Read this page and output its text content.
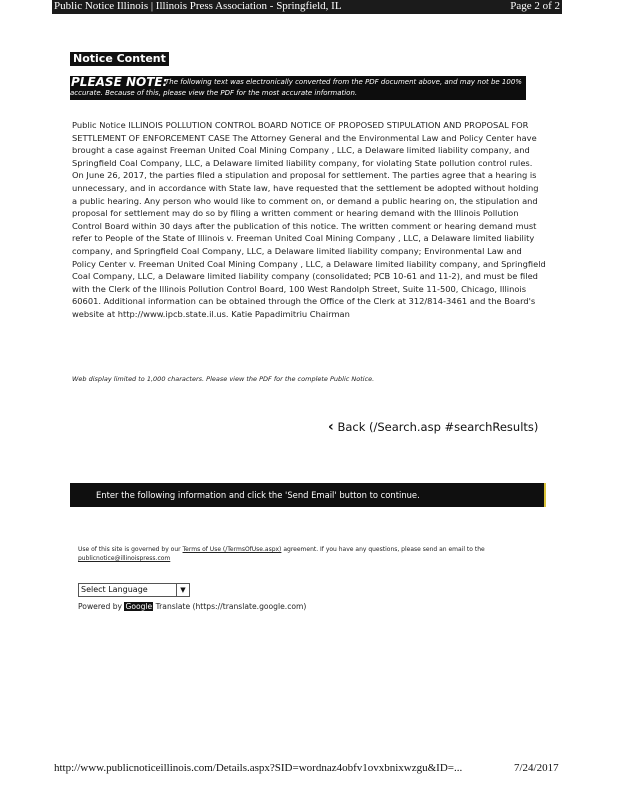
Public Notice Illinois | Illinois Press Association - Springfield, IL	Page 2 of 2
Notice Content
The following text was electronically converted from the PDF document above, and may not be 100% accurate. Because of this, please view the PDF for the most accurate information.
PLEASE NOTE:
Public Notice ILLINOIS POLLUTION CONTROL BOARD NOTICE OF PROPOSED STIPULATION AND PROPOSAL FOR SETTLEMENT OF ENFORCEMENT CASE The Attorney General and the Environmental Law and Policy Center have brought a case against Freeman United Coal Mining Company , LLC, a Delaware limited liability company, and Springfield Coal Company, LLC, a Delaware limited liability company, for violating State pollution control rules. On June 26, 2017, the parties filed a stipulation and proposal for settlement. The parties agree that a hearing is unnecessary, and in accordance with State law, have requested that the settlement be adopted without holding a public hearing. Any person who would like to comment on, or demand a public hearing on, the stipulation and proposal for settlement may do so by filing a written comment or hearing demand with the Illinois Pollution Control Board within 30 days after the publication of this notice. The written comment or hearing demand must refer to People of the State of Illinois v. Freeman United Coal Mining Company , LLC, a Delaware limited liability company, and Springfield Coal Company, LLC, a Delaware limited liability company; Environmental Law and Policy Center v. Freeman United Coal Mining Company , LLC, a Delaware limited liability company, and Springfield Coal Company, LLC, a Delaware limited liability company (consolidated; PCB 10-61 and 11-2), and must be filed with the Clerk of the Illinois Pollution Control Board, 100 West Randolph Street, Suite 11-500, Chicago, Illinois 60601. Additional information can be obtained through the Office of the Clerk at 312/814-3461 and the Board's website at http://www.ipcb.state.il.us. Katie Papadimitriu Chairman
Web display limited to 1,000 characters. Please view the PDF for the complete Public Notice.
‹ Back (/Search.asp #searchResults)
Enter the following information and click the 'Send Email' button to continue.
Use of this site is governed by our Terms of Use (/TermsOfUse.aspx) agreement. If you have any questions, please send an email to the publicnotice@illinoispress.com
Select Language	▼
Powered by Google Translate (https://translate.google.com)
http://www.publicnoticeillinois.com/Details.aspx?SID=wordnaz4obfv1ovxbnixwzgu&ID=...	7/24/2017
